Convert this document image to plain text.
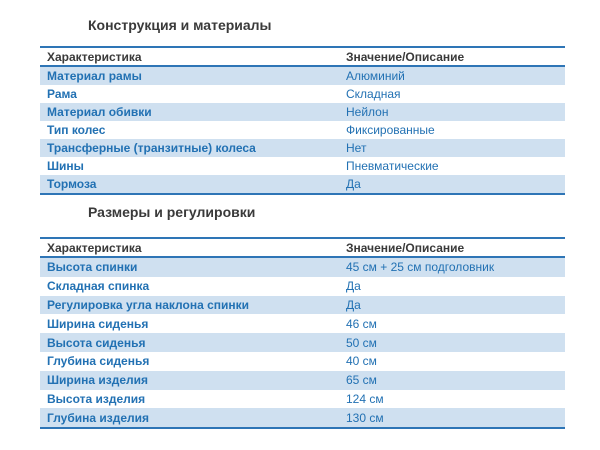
Конструкция и материалы
Характеристика	Значение/Описание
Материал рамы	Алюминий
Рама	Складная
Материал обивки	Нейлон
Тип колес	Фиксированные
Трансферные (транзитные) колеса	Нет
Шины	Пневматические
Тормоза	Да
Размеры и регулировки
Характеристика	Значение/Описание
Высота спинки	45 см + 25 см подголовник
Складная спинка	Да
Регулировка угла наклона спинки	Да
Ширина сиденья	46 см
Высота сиденья	50 см
Глубина сиденья	40 см
Ширина изделия	65 см
Высота изделия	124 см
Глубина изделия	130 см
